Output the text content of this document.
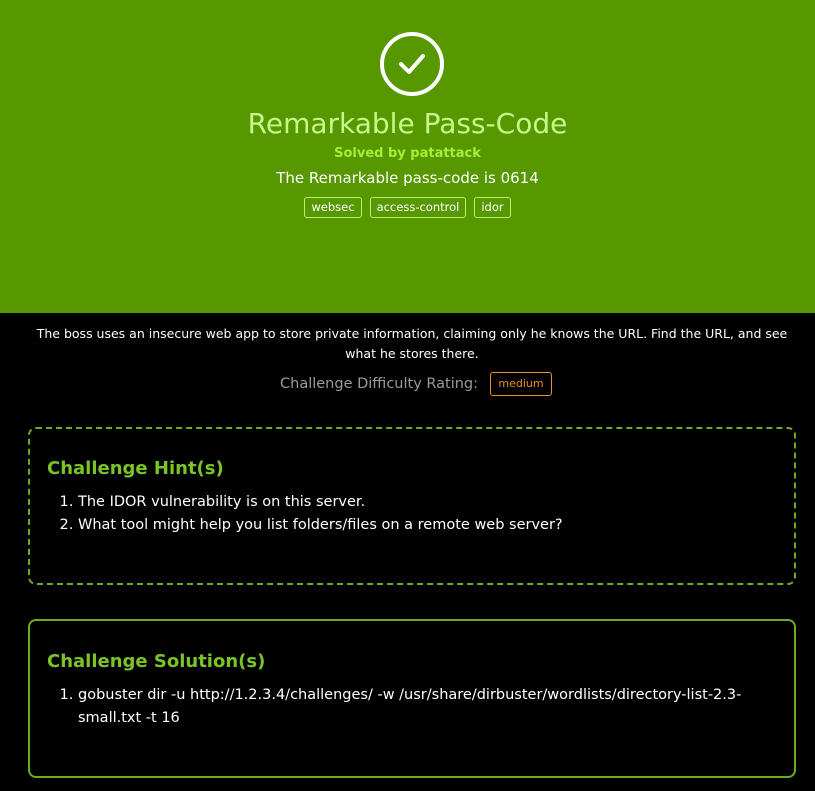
Remarkable Pass-Code
Solved by patattack
The Remarkable pass-code is 0614
websec	access-control	idor

The boss uses an insecure web app to store private information, claiming only he knows the URL. Find the URL, and see what he stores there.

Challenge Difficulty Rating:	medium
Challenge Hint(s)
1. The IDOR vulnerability is on this server.
2. What tool might help you list folders/files on a remote web server?
Challenge Solution(s)
1. gobuster dir -u http://1.2.3.4/challenges/ -w /usr/share/dirbuster/wordlists/directory-list-2.3-small.txt -t 16
